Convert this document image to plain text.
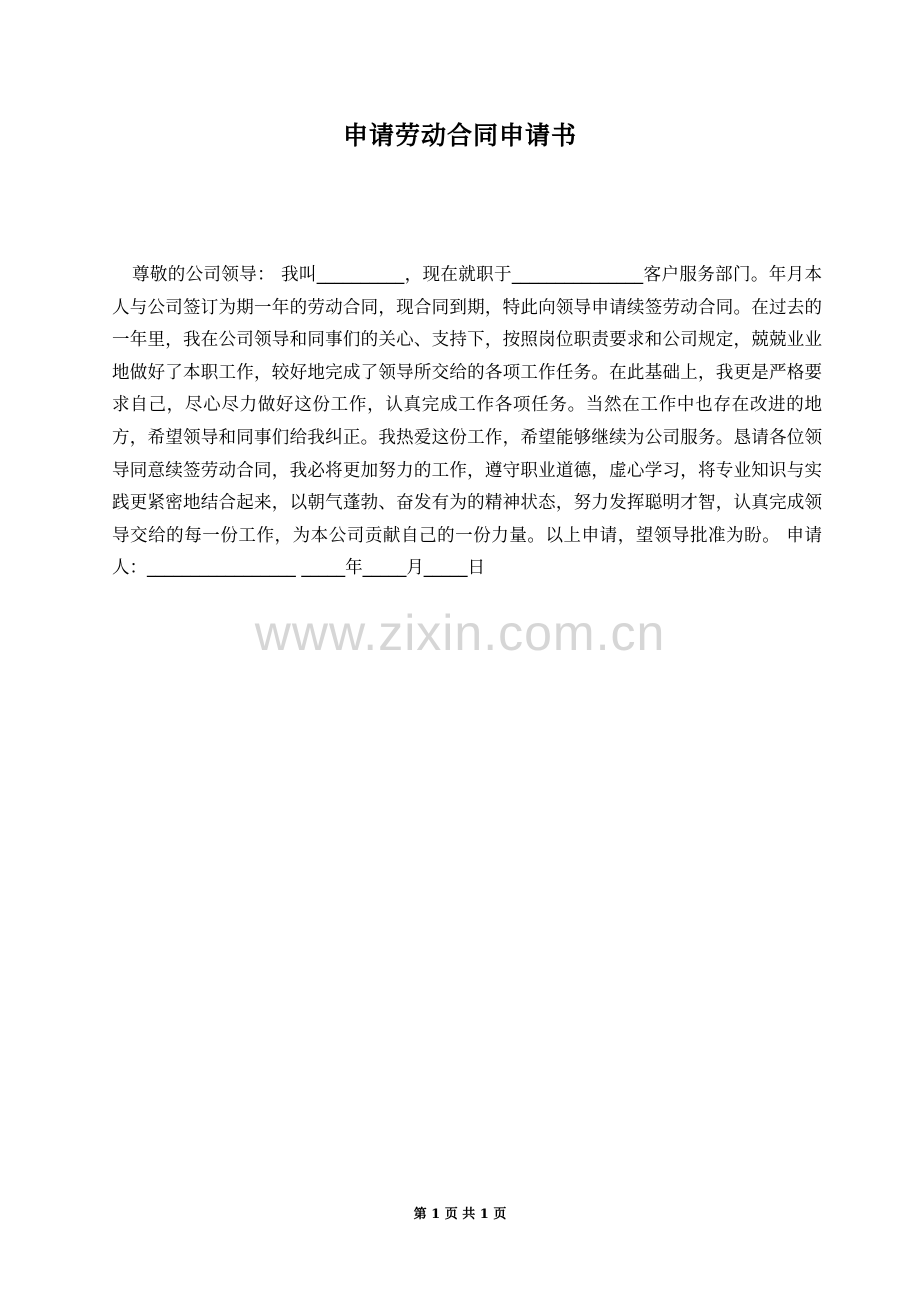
申请劳动合同申请书

尊敬的公司领导： 我叫__________，现在就职于_______________客户服务部门。年月本人与公司签订为期一年的劳动合同，现合同到期，特此向领导申请续签劳动合同。在过去的一年里，我在公司领导和同事们的关心、支持下，按照岗位职责要求和公司规定，兢兢业业地做好了本职工作，较好地完成了领导所交给的各项工作任务。在此基础上，我更是严格要求自己，尽心尽力做好这份工作，认真完成工作各项任务。当然在工作中也存在改进的地方，希望领导和同事们给我纠正。我热爱这份工作，希望能够继续为公司服务。恳请各位领导同意续签劳动合同，我必将更加努力的工作，遵守职业道德，虚心学习，将专业知识与实践更紧密地结合起来，以朝气蓬勃、奋发有为的精神状态，努力发挥聪明才智，认真完成领导交给的每一份工作，为本公司贡献自己的一份力量。以上申请，望领导批准为盼。 申请人：_________________ _____年_____月_____日

www.zixin.com.cn
第 1 页 共 1 页
